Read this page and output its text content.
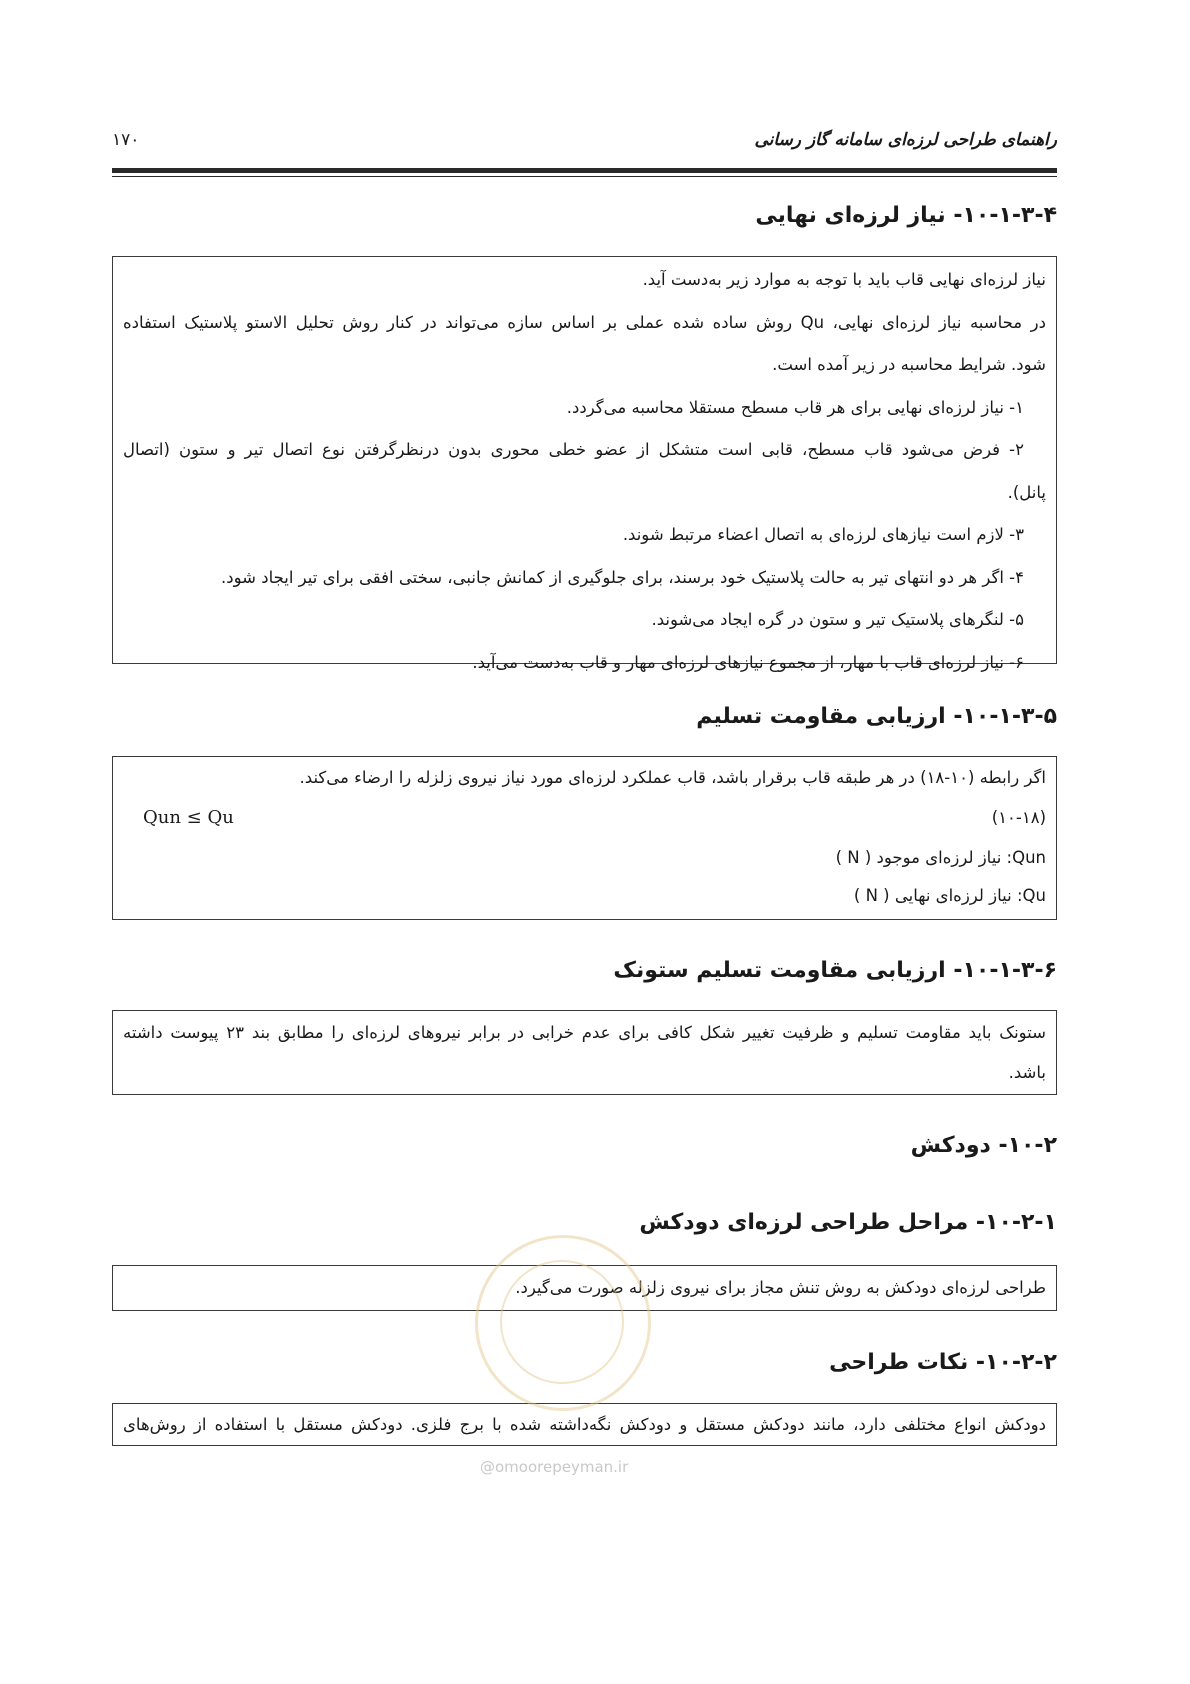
راهنمای طراحی لرزه‌ای سامانه گاز رسانی
۱۷۰
۱۰-۱-۳-۴- نیاز لرزه‌ای نهایی
نیاز لرزه‌ای نهایی قاب باید با توجه به موارد زیر به‌دست آید.
در محاسبه نیاز لرزه‌ای نهایی، Qu روش ساده شده عملی بر اساس سازه می‌تواند در کنار روش تحلیل الاستو پلاستیک استفاده
شود. شرایط محاسبه در زیر آمده است.
۱- نیاز لرزه‌ای نهایی برای هر قاب مسطح مستقلا محاسبه می‌گردد.
۲- فرض می‌شود قاب مسطح، قابی است متشکل از عضو خطی محوری بدون درنظرگرفتن نوع اتصال تیر و ستون (اتصال
پانل).
۳- لازم است نیازهای لرزه‌ای به اتصال اعضاء مرتبط شوند.
۴- اگر هر دو انتهای تیر به حالت پلاستیک خود برسند، برای جلوگیری از کمانش جانبی، سختی افقی برای تیر ایجاد شود.
۵- لنگرهای پلاستیک تیر و ستون در گره ایجاد می‌شوند.
۶- نیاز لرزه‌ای قاب با مهار، از مجموع نیازهای لرزه‌ای مهار و قاب به‌دست می‌آید.
۱۰-۱-۳-۵- ارزیابی مقاومت تسلیم
اگر رابطه (۱۰-۱۸) در هر طبقه قاب برقرار باشد، قاب عملکرد لرزه‌ای مورد نیاز نیروی زلزله را ارضاء می‌کند.
(۱۰-۱۸)
Qun ≤ Qu
Qun: نیاز لرزه‌ای موجود ( N )
Qu: نیاز لرزه‌ای نهایی ( N )
۱۰-۱-۳-۶- ارزیابی مقاومت تسلیم ستونک
ستونک باید مقاومت تسلیم و ظرفیت تغییر شکل کافی برای عدم خرابی در برابر نیروهای لرزه‌ای را مطابق بند ۲۳ پیوست داشته
باشد.
۱۰-۲- دودکش
۱۰-۲-۱- مراحل طراحی لرزه‌ای دودکش
طراحی لرزه‌ای دودکش به روش تنش مجاز برای نیروی زلزله صورت می‌گیرد.
۱۰-۲-۲- نکات طراحی
دودکش انواع مختلفی دارد، مانند دودکش مستقل و دودکش نگه‌داشته شده با برج فلزی. دودکش مستقل با استفاده از روش‌های
@omoorepeyman.ir
